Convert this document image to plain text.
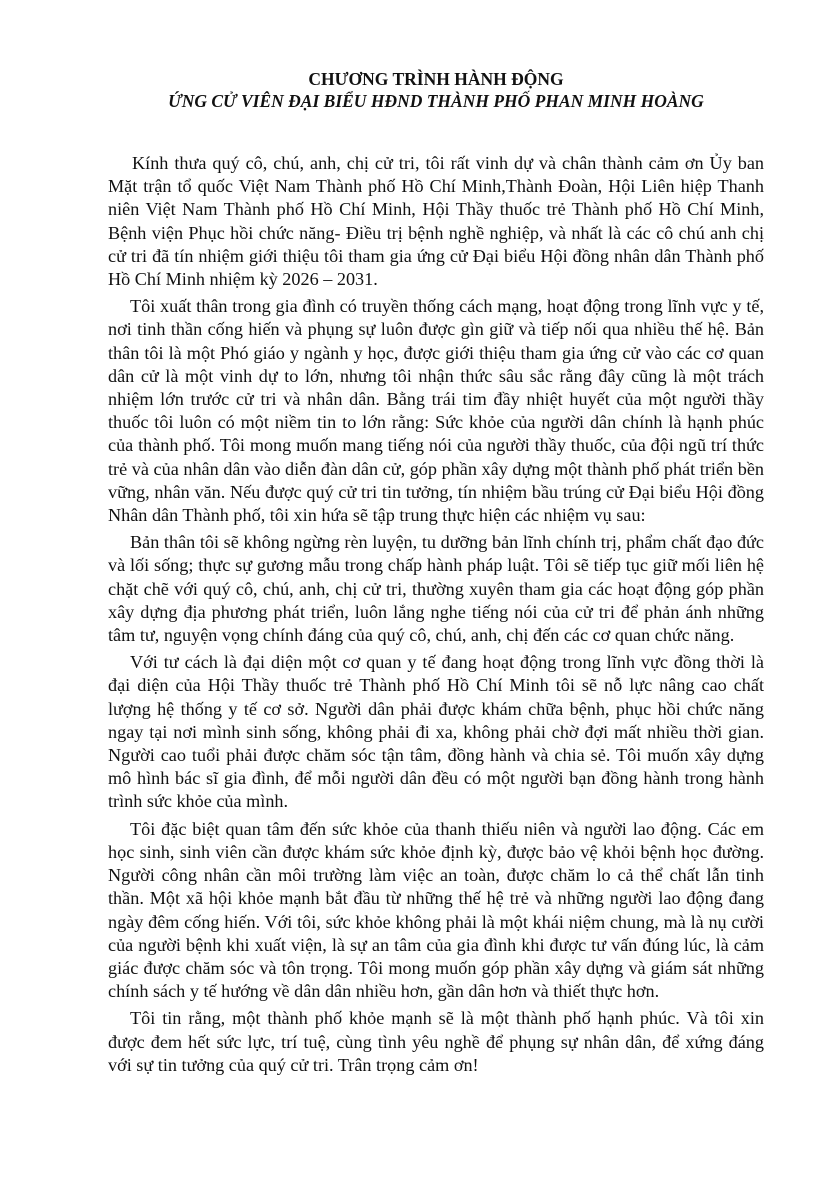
CHƯƠNG TRÌNH HÀNH ĐỘNG
ỨNG CỬ VIÊN ĐẠI BIỂU HĐND THÀNH PHỐ PHAN MINH HOÀNG

Kính thưa quý cô, chú, anh, chị cử tri, tôi rất vinh dự và chân thành cảm ơn Ủy ban Mặt trận tổ quốc Việt Nam Thành phố Hồ Chí Minh,Thành Đoàn, Hội Liên hiệp Thanh niên Việt Nam Thành phố Hồ Chí Minh, Hội Thầy thuốc trẻ Thành phố Hồ Chí Minh, Bệnh viện Phục hồi chức năng- Điều trị bệnh nghề nghiệp, và nhất là các cô chú anh chị cử tri đã tín nhiệm giới thiệu tôi tham gia ứng cử Đại biểu Hội đồng nhân dân Thành phố Hồ Chí Minh nhiệm kỳ 2026 – 2031.

Tôi xuất thân trong gia đình có truyền thống cách mạng, hoạt động trong lĩnh vực y tế, nơi tinh thần cống hiến và phụng sự luôn được gìn giữ và tiếp nối qua nhiều thế hệ. Bản thân tôi là một Phó giáo y ngành y học, được giới thiệu tham gia ứng cử vào các cơ quan dân cử là một vinh dự to lớn, nhưng tôi nhận thức sâu sắc rằng đây cũng là một trách nhiệm lớn trước cử tri và nhân dân. Bằng trái tim đầy nhiệt huyết của một người thầy thuốc tôi luôn có một niềm tin to lớn rằng: Sức khỏe của người dân chính là hạnh phúc của thành phố. Tôi mong muốn mang tiếng nói của người thầy thuốc, của đội ngũ trí thức trẻ và của nhân dân vào diễn đàn dân cử, góp phần xây dựng một thành phố phát triển bền vững, nhân văn. Nếu được quý cử tri tin tưởng, tín nhiệm bầu trúng cử Đại biểu Hội đồng Nhân dân Thành phố, tôi xin hứa sẽ tập trung thực hiện các nhiệm vụ sau:

Bản thân tôi sẽ không ngừng rèn luyện, tu dưỡng bản lĩnh chính trị, phẩm chất đạo đức và lối sống; thực sự gương mẫu trong chấp hành pháp luật. Tôi sẽ tiếp tục giữ mối liên hệ chặt chẽ với quý cô, chú, anh, chị cử tri, thường xuyên tham gia các hoạt động góp phần xây dựng địa phương phát triển, luôn lắng nghe tiếng nói của cử tri để phản ánh những tâm tư, nguyện vọng chính đáng của quý cô, chú, anh, chị đến các cơ quan chức năng.

Với tư cách là đại diện một cơ quan y tế đang hoạt động trong lĩnh vực đồng thời là đại diện của Hội Thầy thuốc trẻ Thành phố Hồ Chí Minh tôi sẽ nỗ lực nâng cao chất lượng hệ thống y tế cơ sở. Người dân phải được khám chữa bệnh, phục hồi chức năng ngay tại nơi mình sinh sống, không phải đi xa, không phải chờ đợi mất nhiều thời gian. Người cao tuổi phải được chăm sóc tận tâm, đồng hành và chia sẻ. Tôi muốn xây dựng mô hình bác sĩ gia đình, để mỗi người dân đều có một người bạn đồng hành trong hành trình sức khỏe của mình.

Tôi đặc biệt quan tâm đến sức khỏe của thanh thiếu niên và người lao động. Các em học sinh, sinh viên cần được khám sức khỏe định kỳ, được bảo vệ khỏi bệnh học đường. Người công nhân cần môi trường làm việc an toàn, được chăm lo cả thể chất lẫn tinh thần. Một xã hội khỏe mạnh bắt đầu từ những thế hệ trẻ và những người lao động đang ngày đêm cống hiến. Với tôi, sức khỏe không phải là một khái niệm chung, mà là nụ cười của người bệnh khi xuất viện, là sự an tâm của gia đình khi được tư vấn đúng lúc, là cảm giác được chăm sóc và tôn trọng. Tôi mong muốn góp phần xây dựng và giám sát những chính sách y tế hướng về dân dân nhiều hơn, gần dân hơn và thiết thực hơn.

Tôi tin rằng, một thành phố khỏe mạnh sẽ là một thành phố hạnh phúc. Và tôi xin được đem hết sức lực, trí tuệ, cùng tình yêu nghề để phụng sự nhân dân, để xứng đáng với sự tin tưởng của quý cử tri. Trân trọng cảm ơn!
